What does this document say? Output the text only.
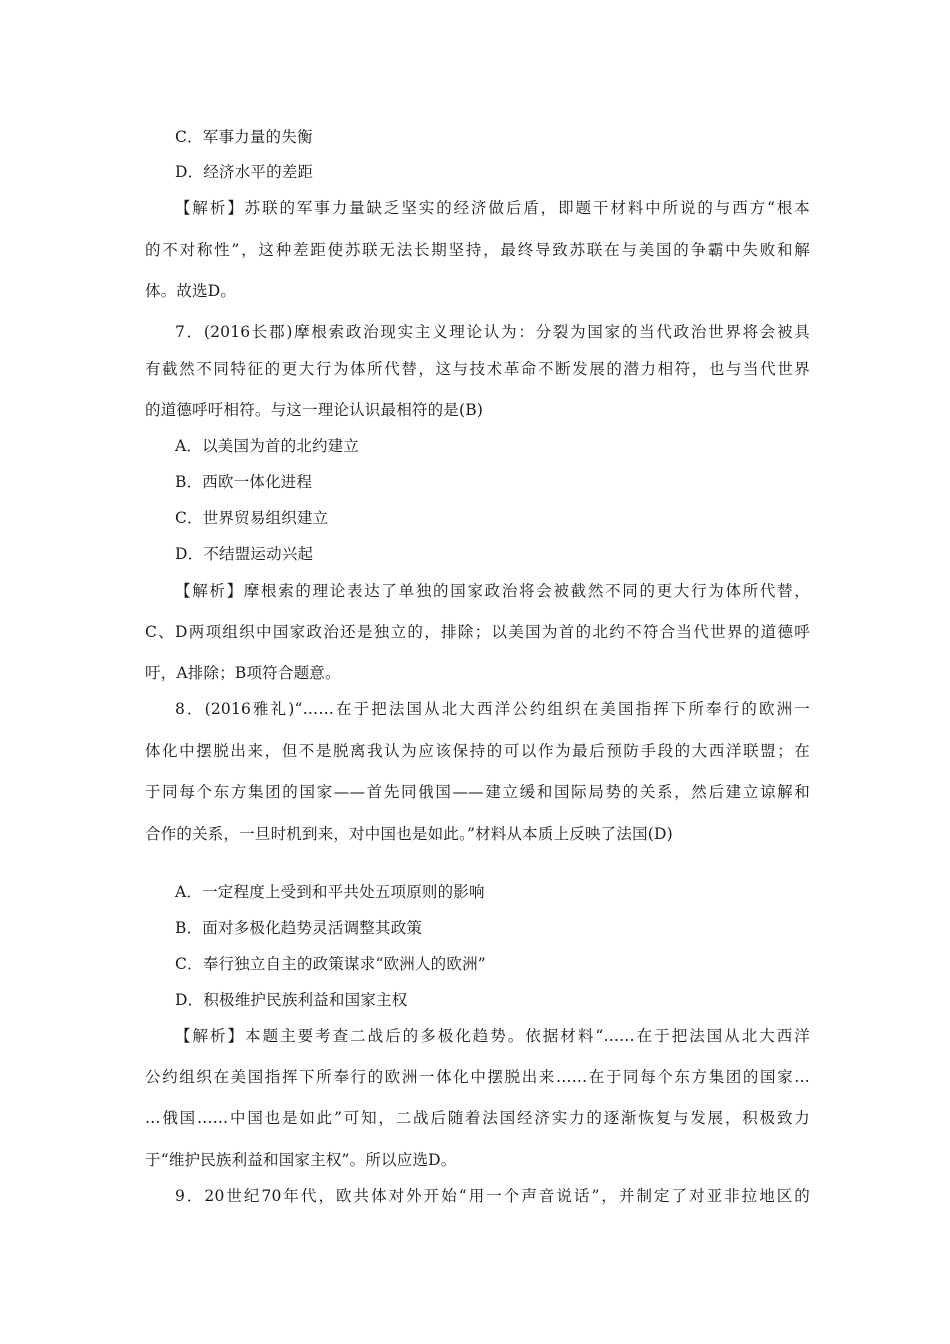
C．军事力量的失衡
D．经济水平的差距
【解析】苏联的军事力量缺乏坚实的经济做后盾，即题干材料中所说的与西方“根本
的不对称性”，这种差距使苏联无法长期坚持，最终导致苏联在与美国的争霸中失败和解
体。故选D。
7．(2016长郡)摩根索政治现实主义理论认为：分裂为国家的当代政治世界将会被具
有截然不同特征的更大行为体所代替，这与技术革命不断发展的潜力相符，也与当代世界
的道德呼吁相符。与这一理论认识最相符的是(B)
A．以美国为首的北约建立
B．西欧一体化进程
C．世界贸易组织建立
D．不结盟运动兴起
【解析】摩根索的理论表达了单独的国家政治将会被截然不同的更大行为体所代替，
C、D两项组织中国家政治还是独立的，排除；以美国为首的北约不符合当代世界的道德呼
吁，A排除；B项符合题意。
8．(2016雅礼)“……在于把法国从北大西洋公约组织在美国指挥下所奉行的欧洲一
体化中摆脱出来，但不是脱离我认为应该保持的可以作为最后预防手段的大西洋联盟；在
于同每个东方集团的国家——首先同俄国——建立缓和国际局势的关系，然后建立谅解和
合作的关系，一旦时机到来，对中国也是如此。”材料从本质上反映了法国(D)
A．一定程度上受到和平共处五项原则的影响
B．面对多极化趋势灵活调整其政策
C．奉行独立自主的政策谋求“欧洲人的欧洲”
D．积极维护民族利益和国家主权
【解析】本题主要考查二战后的多极化趋势。依据材料“……在于把法国从北大西洋
公约组织在美国指挥下所奉行的欧洲一体化中摆脱出来……在于同每个东方集团的国家…
…俄国……中国也是如此”可知，二战后随着法国经济实力的逐渐恢复与发展，积极致力
于“维护民族利益和国家主权”。所以应选D。
9．20世纪70年代，欧共体对外开始“用一个声音说话”，并制定了对亚非拉地区的
